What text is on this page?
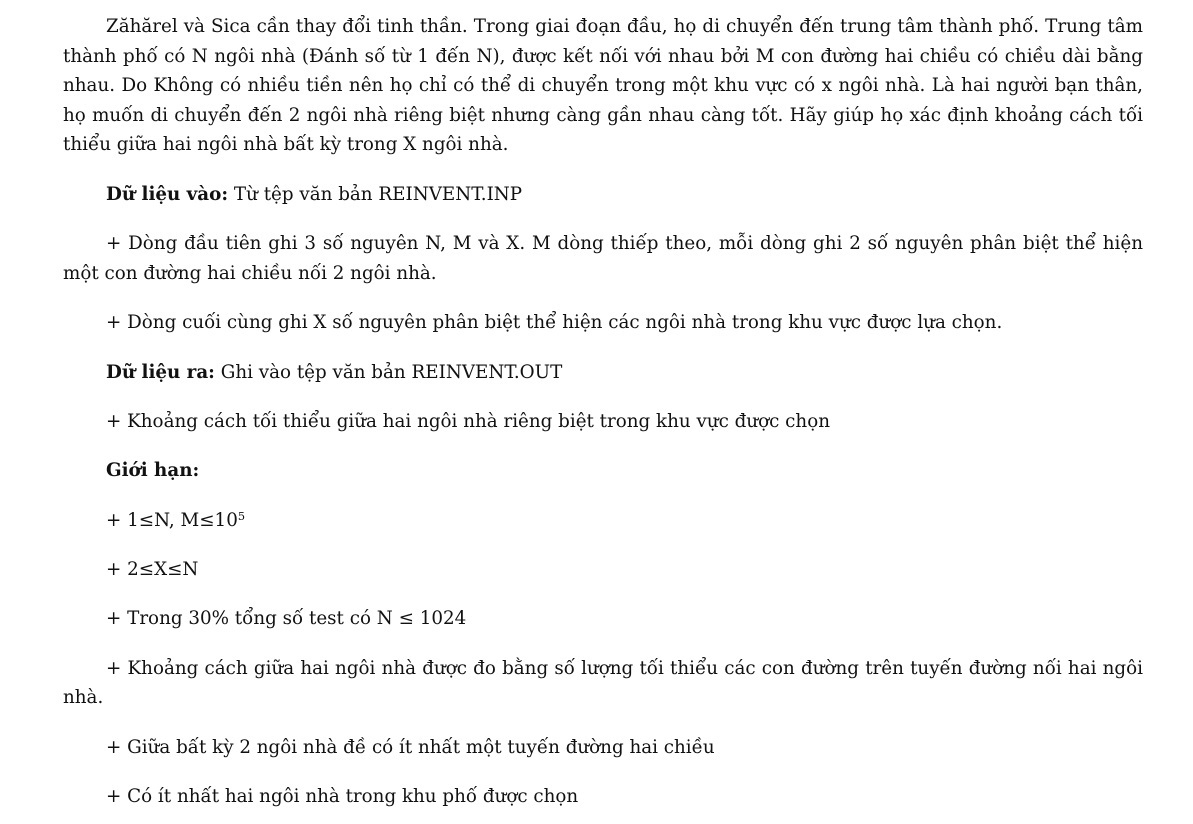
Zăhărel và Sica cần thay đổi tinh thần. Trong giai đoạn đầu, họ di chuyển đến trung tâm thành phố. Trung tâm thành phố có N ngôi nhà (Đánh số từ 1 đến N), được kết nối với nhau bởi M con đường hai chiều có chiều dài bằng nhau. Do Không có nhiều tiền nên họ chỉ có thể di chuyển trong một khu vực có x ngôi nhà. Là hai người bạn thân, họ muốn di chuyển đến 2 ngôi nhà riêng biệt nhưng càng gần nhau càng tốt. Hãy giúp họ xác định khoảng cách tối thiểu giữa hai ngôi nhà bất kỳ trong X ngôi nhà.

Dữ liệu vào: Từ tệp văn bản REINVENT.INP

+ Dòng đầu tiên ghi 3 số nguyên N, M và X. M dòng thiếp theo, mỗi dòng ghi 2 số nguyên phân biệt thể hiện một con đường hai chiều nối 2 ngôi nhà.

+ Dòng cuối cùng ghi X số nguyên phân biệt thể hiện các ngôi nhà trong khu vực được lựa chọn.

Dữ liệu ra: Ghi vào tệp văn bản REINVENT.OUT

+ Khoảng cách tối thiểu giữa hai ngôi nhà riêng biệt trong khu vực được chọn

Giới hạn:

+ 1≤N, $M\le 10^5$

+ 2≤X≤N

+ Trong 30% tổng số test có N ≤ 1024

+ Khoảng cách giữa hai ngôi nhà được đo bằng số lượng tối thiểu các con đường trên tuyến đường nối hai ngôi nhà.

+ Giữa bất kỳ 2 ngôi nhà đề có ít nhất một tuyến đường hai chiều

+ Có ít nhất hai ngôi nhà trong khu phố được chọn
